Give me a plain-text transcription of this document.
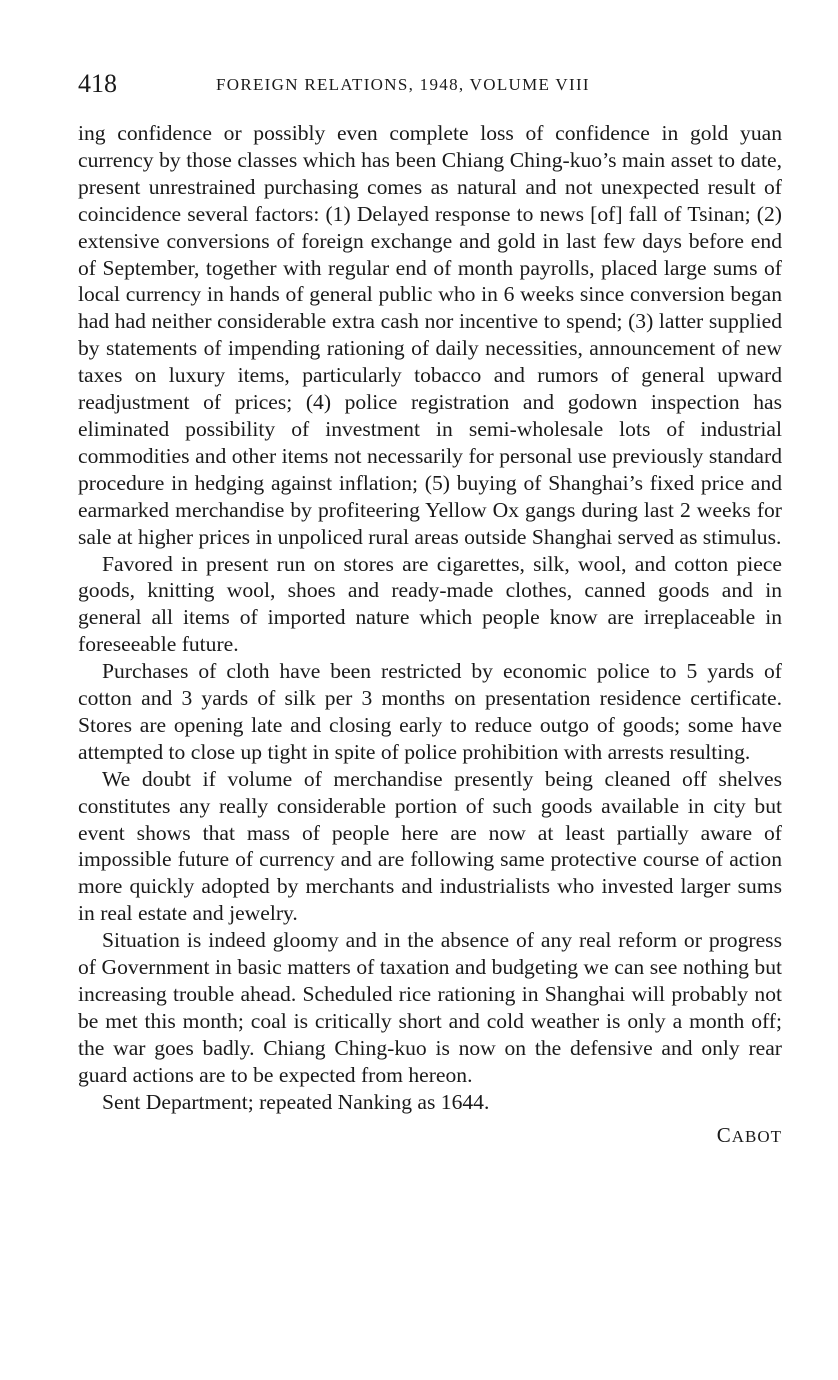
418	FOREIGN RELATIONS, 1948, VOLUME VIII

ing confidence or possibly even complete loss of confidence in gold yuan currency by those classes which has been Chiang Ching-kuo’s main asset to date, present unrestrained purchasing comes as natural and not unexpected result of coincidence several factors: (1) Delayed response to news [of] fall of Tsinan; (2) extensive conversions of foreign exchange and gold in last few days before end of September, together with regular end of month payrolls, placed large sums of local currency in hands of general public who in 6 weeks since conversion began had had neither considerable extra cash nor incentive to spend; (3) latter supplied by statements of impending rationing of daily necessities, announcement of new taxes on luxury items, particularly tobacco and rumors of general upward readjustment of prices; (4) police registration and godown inspection has eliminated possibility of investment in semi-wholesale lots of industrial commodities and other items not necessarily for personal use previously standard procedure in hedging against inflation; (5) buying of Shanghai’s fixed price and earmarked merchandise by profiteering Yellow Ox gangs during last 2 weeks for sale at higher prices in unpoliced rural areas outside Shanghai served as stimulus.

Favored in present run on stores are cigarettes, silk, wool, and cotton piece goods, knitting wool, shoes and ready-made clothes, canned goods and in general all items of imported nature which people know are irreplaceable in foreseeable future.

Purchases of cloth have been restricted by economic police to 5 yards of cotton and 3 yards of silk per 3 months on presentation residence certificate. Stores are opening late and closing early to reduce outgo of goods; some have attempted to close up tight in spite of police prohibition with arrests resulting.

We doubt if volume of merchandise presently being cleaned off shelves constitutes any really considerable portion of such goods available in city but event shows that mass of people here are now at least partially aware of impossible future of currency and are following same protective course of action more quickly adopted by merchants and industrialists who invested larger sums in real estate and jewelry.

Situation is indeed gloomy and in the absence of any real reform or progress of Government in basic matters of taxation and budgeting we can see nothing but increasing trouble ahead. Scheduled rice rationing in Shanghai will probably not be met this month; coal is critically short and cold weather is only a month off; the war goes badly. Chiang Ching-kuo is now on the defensive and only rear guard actions are to be expected from hereon.

Sent Department; repeated Nanking as 1644.

CABOT
